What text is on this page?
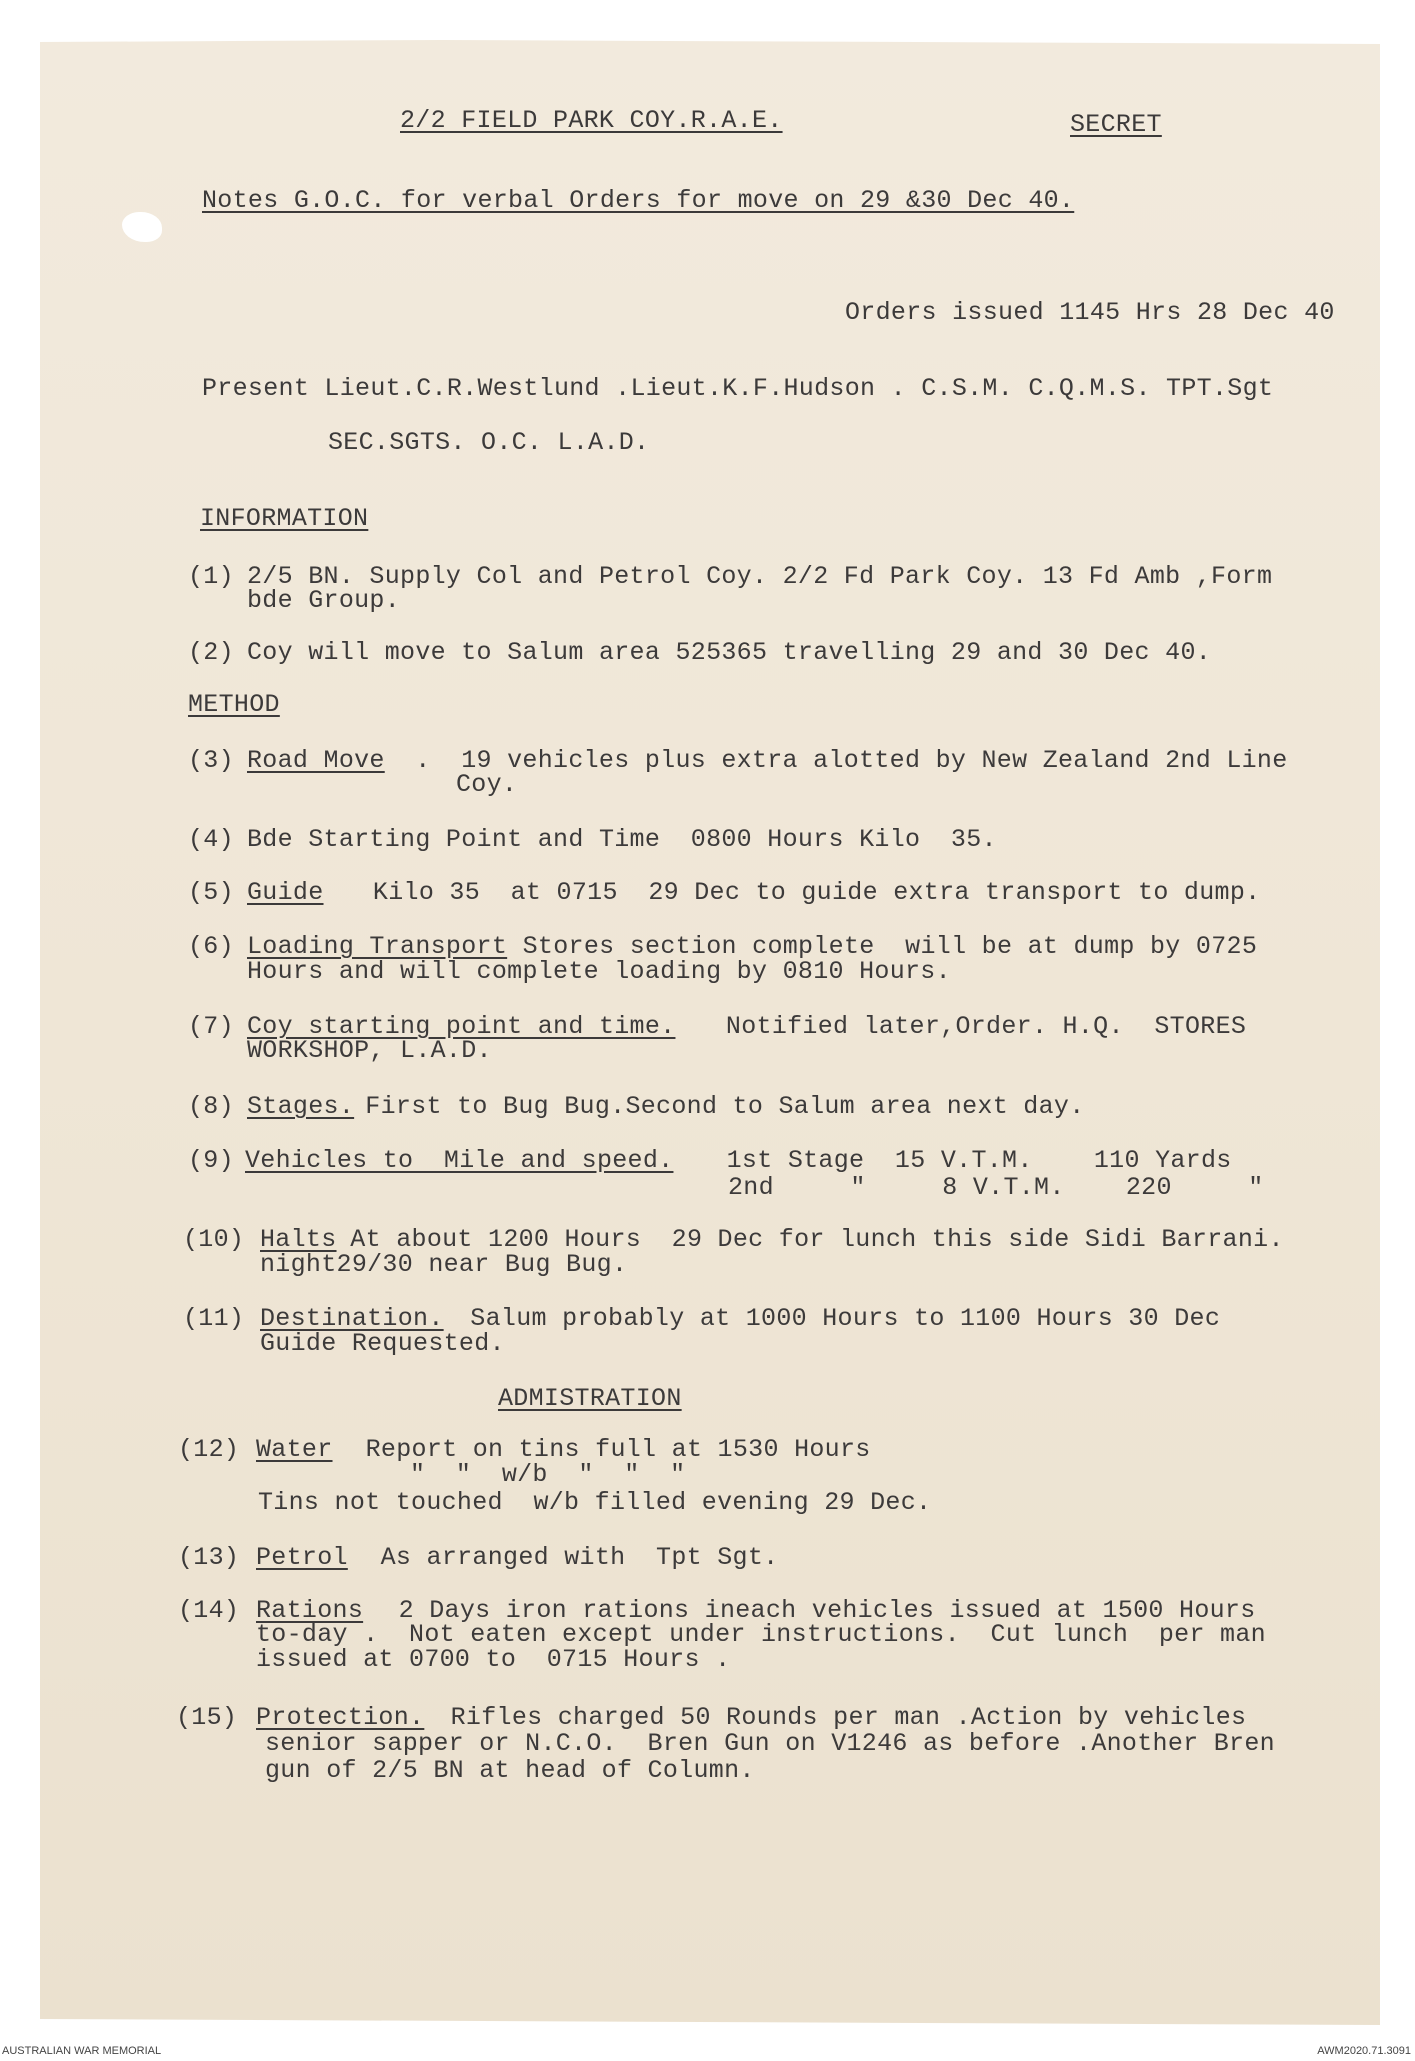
2/2 FIELD PARK COY.R.A.E.	SECRET
Notes G.O.C. for verbal Orders for move on 29 &30 Dec 40.
Orders issued 1145 Hrs 28 Dec 40
Present Lieut.C.R.Westlund .Lieut.K.F.Hudson . C.S.M. C.Q.M.S. TPT.Sgt
SEC.SGTS. O.C. L.A.D.
INFORMATION
(1) 2/5 BN. Supply Col and Petrol Coy. 2/2 Fd Park Coy. 13 Fd Amb ,Form
bde Group.
(2) Coy will move to Salum area 525365 travelling 29 and 30 Dec 40.
METHOD
(3) Road Move .  19 vehicles plus extra alotted by New Zealand 2nd Line
Coy.
(4) Bde Starting Point and Time  0800 Hours Kilo  35.
(5) Guide Kilo 35  at 0715  29 Dec to guide extra transport to dump.
(6) Loading Transport
Stores section complete  will be at dump by 0725
Hours and will complete loading by 0810 Hours.
(7) Coy starting point and time. Notified later,Order. H.Q.  STORES
WORKSHOP, L.A.D.
(8) Stages.
First to Bug Bug.Second to Salum area next day.
(9) Vehicles to  Mile and speed. 1st Stage  15 V.T.M.    110 Yards
2nd     "     8 V.T.M.    220     "
(10) Halts
At about 1200 Hours  29 Dec for lunch this side Sidi Barrani.
night29/30 near Bug Bug.
(11) Destination. Salum probably at 1000 Hours to 1100 Hours 30 Dec
Guide Requested.
ADMISTRATION
(12) Water Report on tins full at 1530 Hours
"  "  w/b  "  "  "
Tins not touched  w/b filled evening 29 Dec.
(13) Petrol As arranged with  Tpt Sgt.
(14) Rations 2 Days iron rations ineach vehicles issued at 1500 Hours
to-day .  Not eaten except under instructions.  Cut lunch  per man
issued at 0700 to  0715 Hours .
(15) Protection.
Rifles charged 50 Rounds per man .Action by vehicles
senior sapper or N.C.O.  Bren Gun on V1246 as before .Another Bren
gun of 2/5 BN at head of Column.
AUSTRALIAN WAR MEMORIAL	AWM2020.71.3091
